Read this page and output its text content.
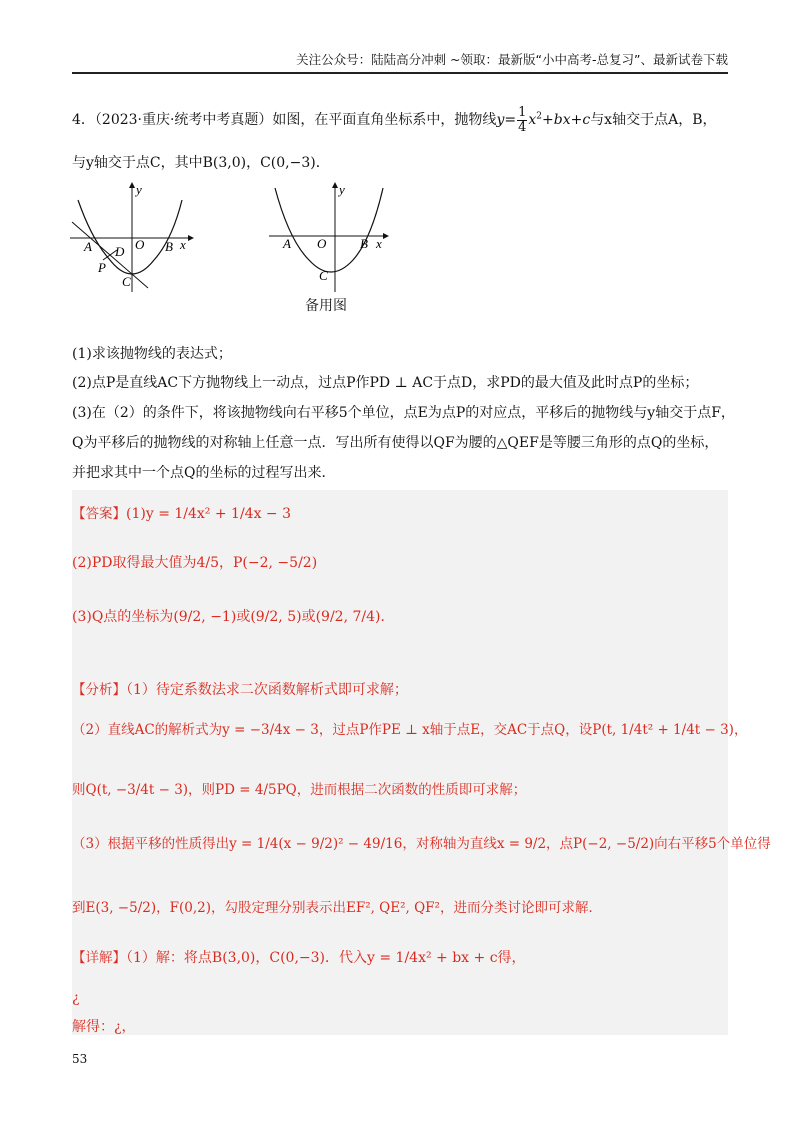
关注公众号：陆陆高分冲刺 ~领取：最新版“小中高考-总复习”、最新试卷下载
4．（2023·重庆·统考中考真题）如图，在平面直角坐标系中，抛物线$y= \frac{1}{4} x^2+bx+c$与x轴交于点A，B，
与y轴交于点C，其中B(3,0)，C(0,−3)．
y
x
A	B
O
D
P
C
y
x
A	B
O
C
备用图
(1)求该抛物线的表达式；
(2)点P是直线AC下方抛物线上一动点，过点P作PD ⊥ AC于点D，求PD的最大值及此时点P的坐标；
(3)在（2）的条件下，将该抛物线向右平移5个单位，点E为点P的对应点，平移后的抛物线与y轴交于点F，
Q为平移后的抛物线的对称轴上任意一点．写出所有使得以QF为腰的△QEF是等腰三角形的点Q的坐标，
并把求其中一个点Q的坐标的过程写出来．
【答案】(1)y = 1/4x² + 1/4x − 3
(2)PD取得最大值为4/5，P(−2, −5/2)
(3)Q点的坐标为(9/2, −1)或(9/2, 5)或(9/2, 7/4)．
【分析】（1）待定系数法求二次函数解析式即可求解；
（2）直线AC的解析式为y = −3/4x − 3，过点P作PE ⊥ x轴于点E，交AC于点Q，设P(t, 1/4t² + 1/4t − 3)，
则Q(t, −3/4t − 3)，则PD = 4/5PQ，进而根据二次函数的性质即可求解；
（3）根据平移的性质得出y = 1/4(x − 9/2)² − 49/16，对称轴为直线x = 9/2，点P(−2, −5/2)向右平移5个单位得
到E(3, −5/2)，F(0,2)，勾股定理分别表示出EF², QE², QF²，进而分类讨论即可求解．
【详解】（1）解：将点B(3,0)，C(0,−3)．代入y = 1/4x² + bx + c得，
¿
解得：¿，
53
